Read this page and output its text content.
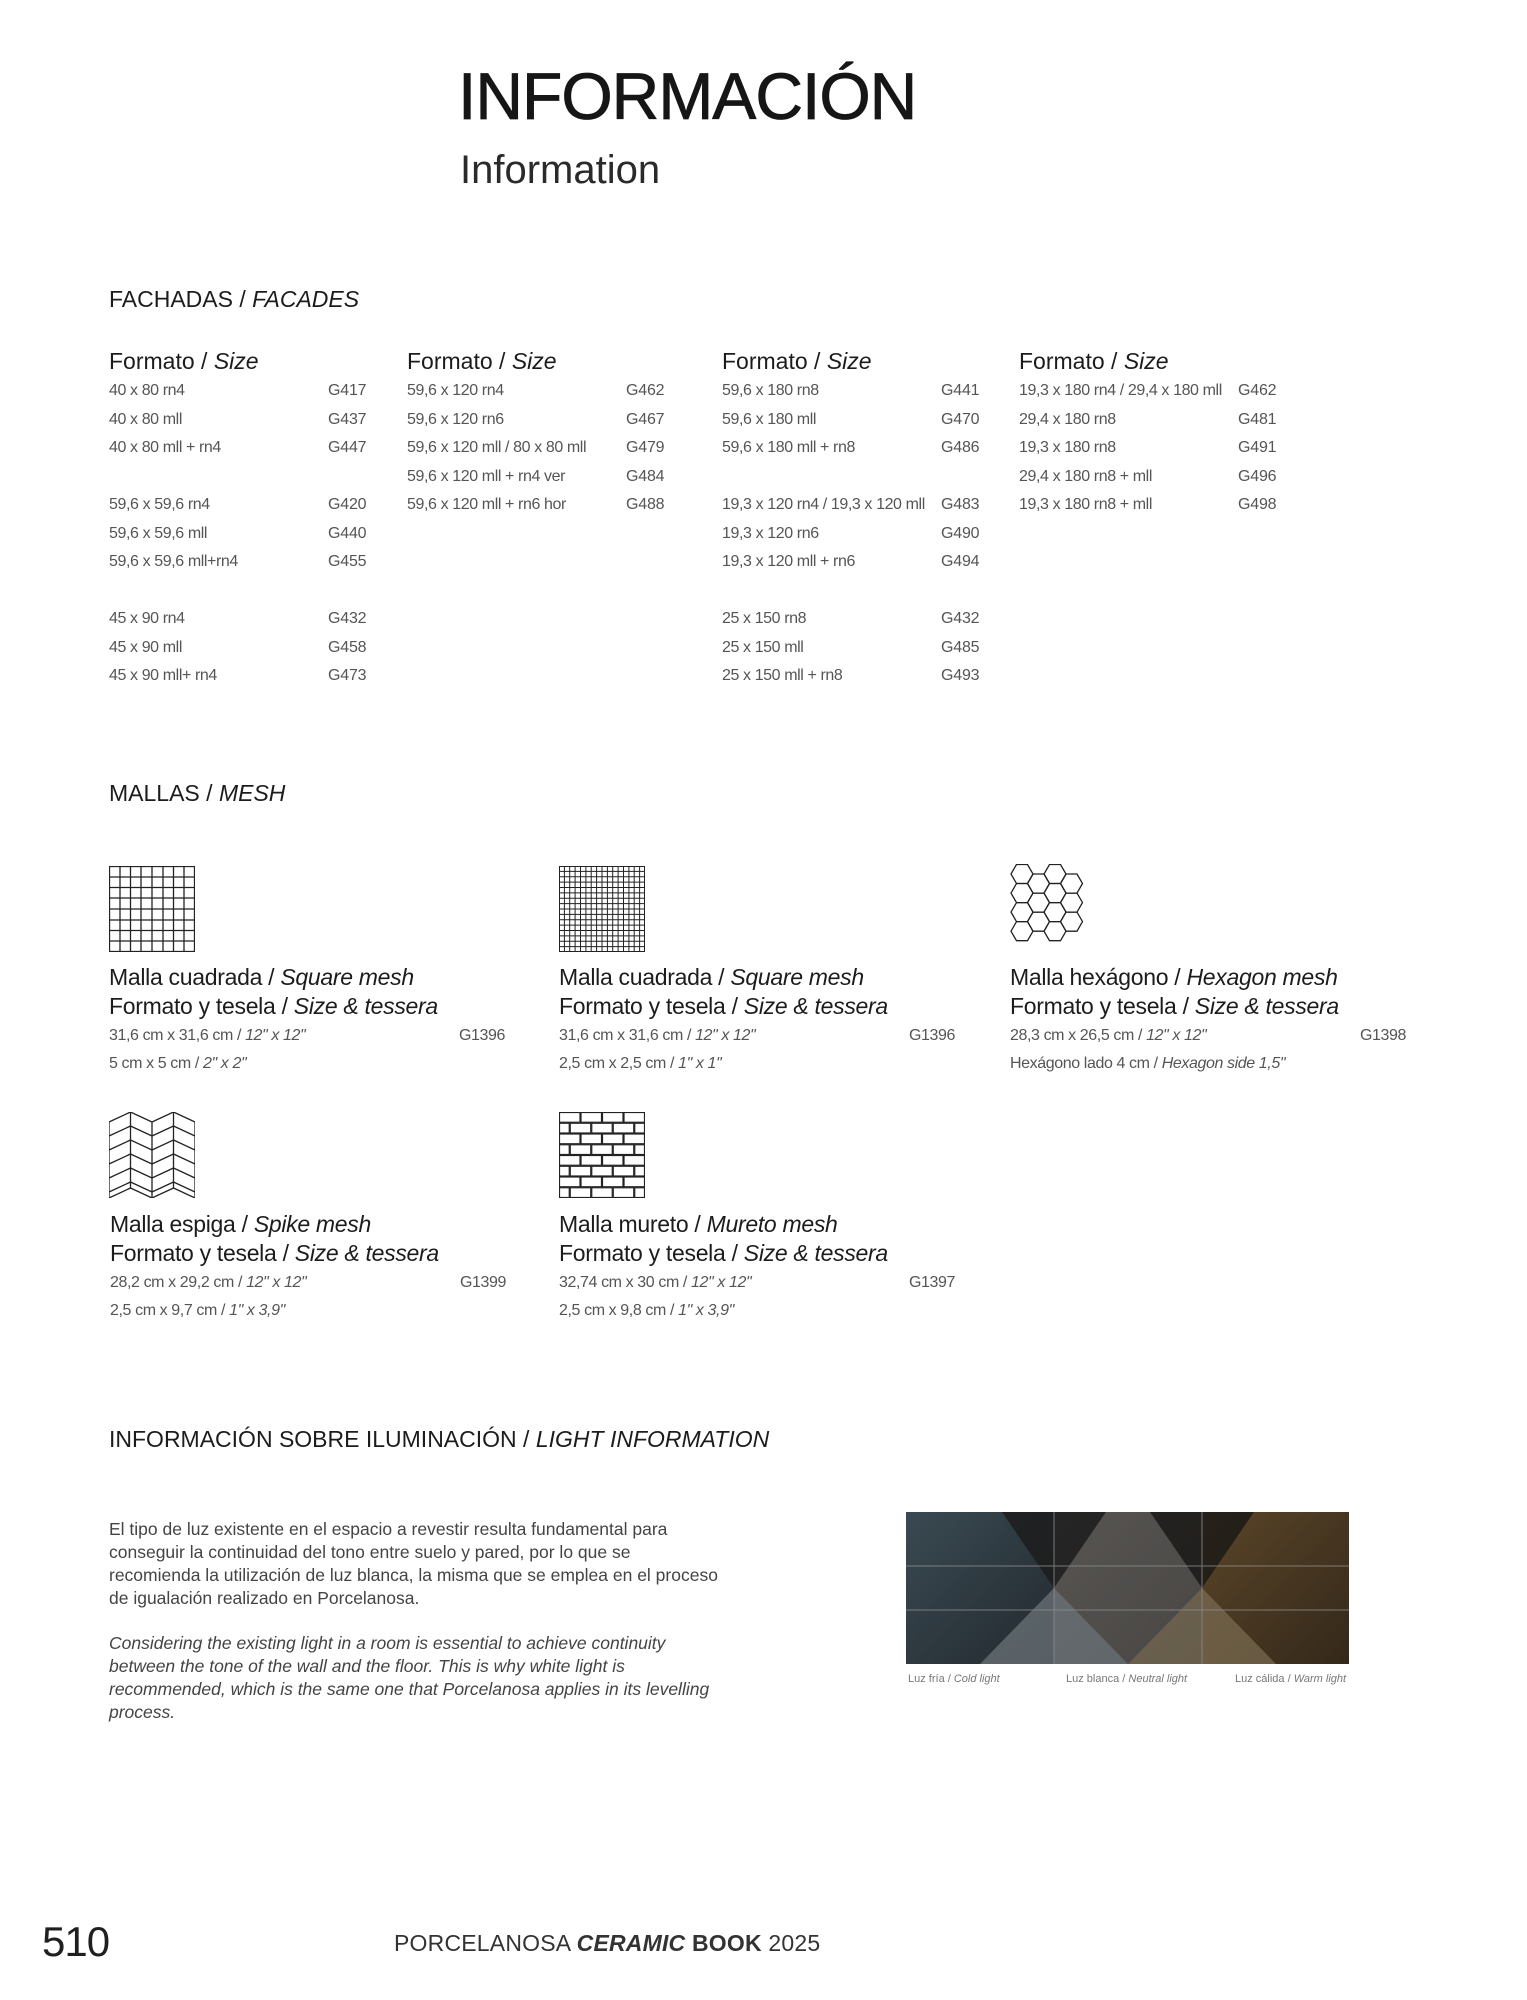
INFORMACIÓN
Information
FACHADAS / FACADES
Formato / Size
40 x 80 rn4	G417
40 x 80 mll	G437
40 x 80 mll + rn4	G447
59,6 x 59,6 rn4	G420
59,6 x 59,6 mll	G440
59,6 x 59,6 mll+rn4	G455
45 x 90 rn4	G432
45 x 90 mll	G458
45 x 90 mll+ rn4	G473
Formato / Size
59,6 x 120 rn4	G462
59,6 x 120 rn6	G467
59,6 x 120 mll / 80 x 80 mll G479
59,6 x 120 mll + rn4 ver	G484
59,6 x 120 mll + rn6 hor	G488
Formato / Size
59,6 x 180 rn8	G441
59,6 x 180 mll	G470
59,6 x 180 mll + rn8	G486
19,3 x 120 rn4 / 19,3 x 120 mll G483
19,3 x 120 rn6	G490
19,3 x 120 mll + rn6	G494
25 x 150 rn8	G432
25 x 150 mll	G485
25 x 150 mll + rn8	G493
Formato / Size
19,3 x 180 rn4 / 29,4 x 180 mll G462
29,4 x 180 rn8	G481
19,3 x 180 rn8	G491
29,4 x 180 rn8 + mll	G496
19,3 x 180 rn8 + mll	G498
MALLAS / MESH
Malla cuadrada / Square mesh
Formato y tesela / Size & tessera
31,6 cm x 31,6 cm / 12" x 12"	G1396
5 cm x 5 cm / 2" x 2"
Malla cuadrada / Square mesh
Formato y tesela / Size & tessera
31,6 cm x 31,6 cm / 12" x 12"	G1396
2,5 cm x 2,5 cm / 1" x 1"
Malla hexágono / Hexagon mesh
Formato y tesela / Size & tessera
28,3 cm x 26,5 cm / 12" x 12"	G1398
Hexágono lado 4 cm / Hexagon side 1,5"
Malla espiga / Spike mesh
Formato y tesela / Size & tessera
28,2 cm x 29,2 cm / 12" x 12"	G1399
2,5 cm x 9,7 cm / 1" x 3,9"
Malla mureto / Mureto mesh
Formato y tesela / Size & tessera
32,74 cm x 30 cm / 12" x 12"	G1397
2,5 cm x 9,8 cm / 1" x 3,9"
INFORMACIÓN SOBRE ILUMINACIÓN / LIGHT INFORMATION
El tipo de luz existente en el espacio a revestir resulta fundamental para conseguir la continuidad del tono entre suelo y pared, por lo que se recomienda la utilización de luz blanca, la misma que se emplea en el proceso de igualación realizado en Porcelanosa.
Considering the existing light in a room is essential to achieve continuity between the tone of the wall and the floor. This is why white light is recommended, which is the same one that Porcelanosa applies in its levelling process.
Luz fría / Cold light	Luz blanca / Neutral light	Luz cálida / Warm light
510	PORCELANOSA CERAMIC BOOK 2025
